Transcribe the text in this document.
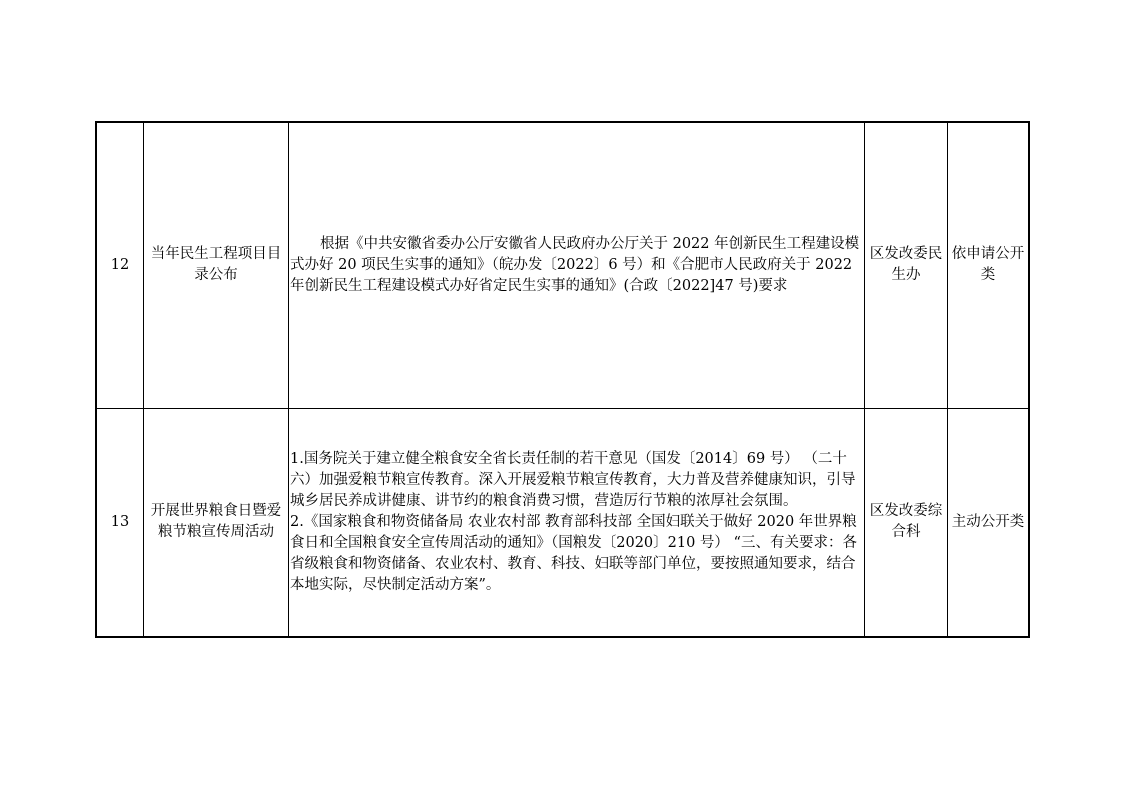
12	当年民生工程项目目录公布	根据《中共安徽省委办公厅安徽省人民政府办公厅关于 2022 年创新民生工程建设模式办好 20 项民生实事的通知》（皖办发〔2022〕6 号）和《合肥市人民政府关于 2022 年创新民生工程建设模式办好省定民生实事的通知》(合政〔2022]47 号)要求	区发改委民生办	依申请公开类

13	开展世界粮食日暨爱粮节粮宣传周活动	1.国务院关于建立健全粮食安全省长责任制的若干意见（国发〔2014〕69 号） （二十六）加强爱粮节粮宣传教育。深入开展爱粮节粮宣传教育，大力普及营养健康知识，引导城乡居民养成讲健康、讲节约的粮食消费习惯，营造厉行节粮的浓厚社会氛围。
2.《国家粮食和物资储备局 农业农村部 教育部科技部 全国妇联关于做好 2020 年世界粮食日和全国粮食安全宣传周活动的通知》（国粮发〔2020〕210 号） “三、有关要求：各省级粮食和物资储备、农业农村、教育、科技、妇联等部门单位，要按照通知要求，结合本地实际，尽快制定活动方案”。	区发改委综合科	主动公开类
